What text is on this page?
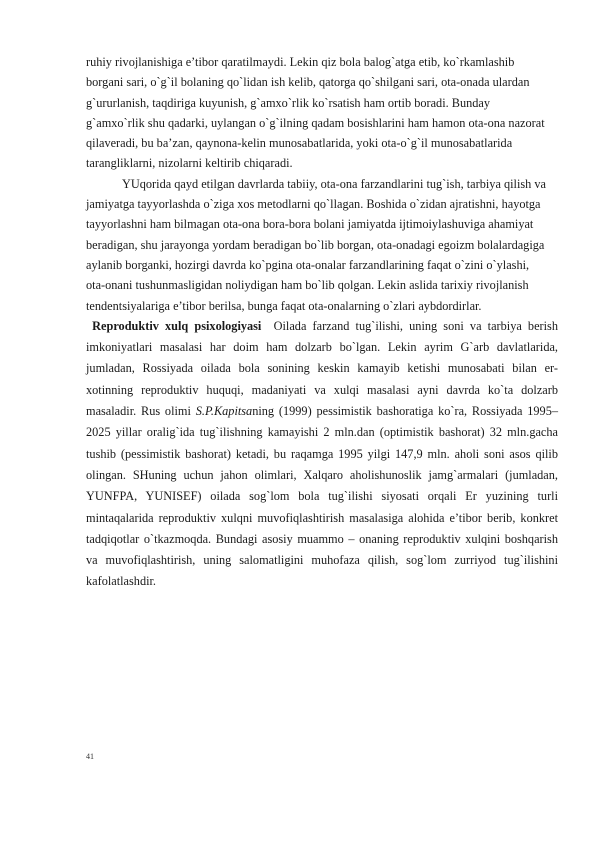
ruhiy rivojlanishiga e’tibor qaratilmaydi. Lekin qiz bola balog`atga etib, ko`rkamlashib borgani sari, o`g`il bolaning qo`lidan ish kelib, qatorga qo`shilgani sari, ota-onada ulardan g`ururlanish, taqdiriga kuyunish, g`amxo`rlik ko`rsatish ham ortib boradi. Bunday g`amxo`rlik shu qadarki, uylangan o`g`ilning qadam bosishlarini ham hamon ota-ona nazorat qilaveradi, bu ba’zan, qaynona-kelin munosabatlarida, yoki ota-o`g`il munosabatlarida tarangliklarni, nizolarni keltirib chiqaradi.

YUqorida qayd etilgan davrlarda tabiiy, ota-ona farzandlarini tug`ish, tarbiya qilish va jamiyatga tayyorlashda o`ziga xos metodlarni qo`llagan. Boshida o`zidan ajratishni, hayotga tayyorlashni ham bilmagan ota-ona bora-bora bolani jamiyatda ijtimoiylashuviga ahamiyat beradigan, shu jarayonga yordam beradigan bo`lib borgan, ota-onadagi egoizm bolalardagiga aylanib borganki, hozirgi davrda ko`pgina ota-onalar farzandlarining faqat o`zini o`ylashi, ota-onani tushunmasligidan noliydigan ham bo`lib qolgan. Lekin aslida tarixiy rivojlanish tendentsiyalariga e’tibor berilsa, bunga faqat ota-onalarning o`zlari aybdordirlar.

Reproduktiv xulq psixologiyasi Oilada farzand tug`ilishi, uning soni va tarbiya berish imkoniyatlari masalasi har doim ham dolzarb bo`lgan. Lekin ayrim G`arb davlatlarida, jumladan, Rossiyada oilada bola sonining keskin kamayib ketishi munosabati bilan er-xotinning reproduktiv huquqi, madaniyati va xulqi masalasi ayni davrda ko`ta dolzarb masaladir. Rus olimi S.P.Kapitsaning (1999) pessimistik bashoratiga ko`ra, Rossiyada 1995–2025 yillar oralig`ida tug`ilishning kamayishi 2 mln.dan (optimistik bashorat) 32 mln.gacha tushib (pessimistik bashorat) ketadi, bu raqamga 1995 yilgi 147,9 mln. aholi soni asos qilib olingan. SHuning uchun jahon olimlari, Xalqaro aholishunoslik jamg`armalari (jumladan, YUNFPA, YUNISEF) oilada sog`lom bola tug`ilishi siyosati orqali Er yuzining turli mintaqalarida reproduktiv xulqni muvofiqlashtirish masalasiga alohida e’tibor berib, konkret tadqiqotlar o`tkazmoqda. Bundagi asosiy muammo – onaning reproduktiv xulqini boshqarish va muvofiqlashtirish, uning salomatligini muhofaza qilish, sog`lom zurriyod tug`ilishini kafolatlashdir.

41
